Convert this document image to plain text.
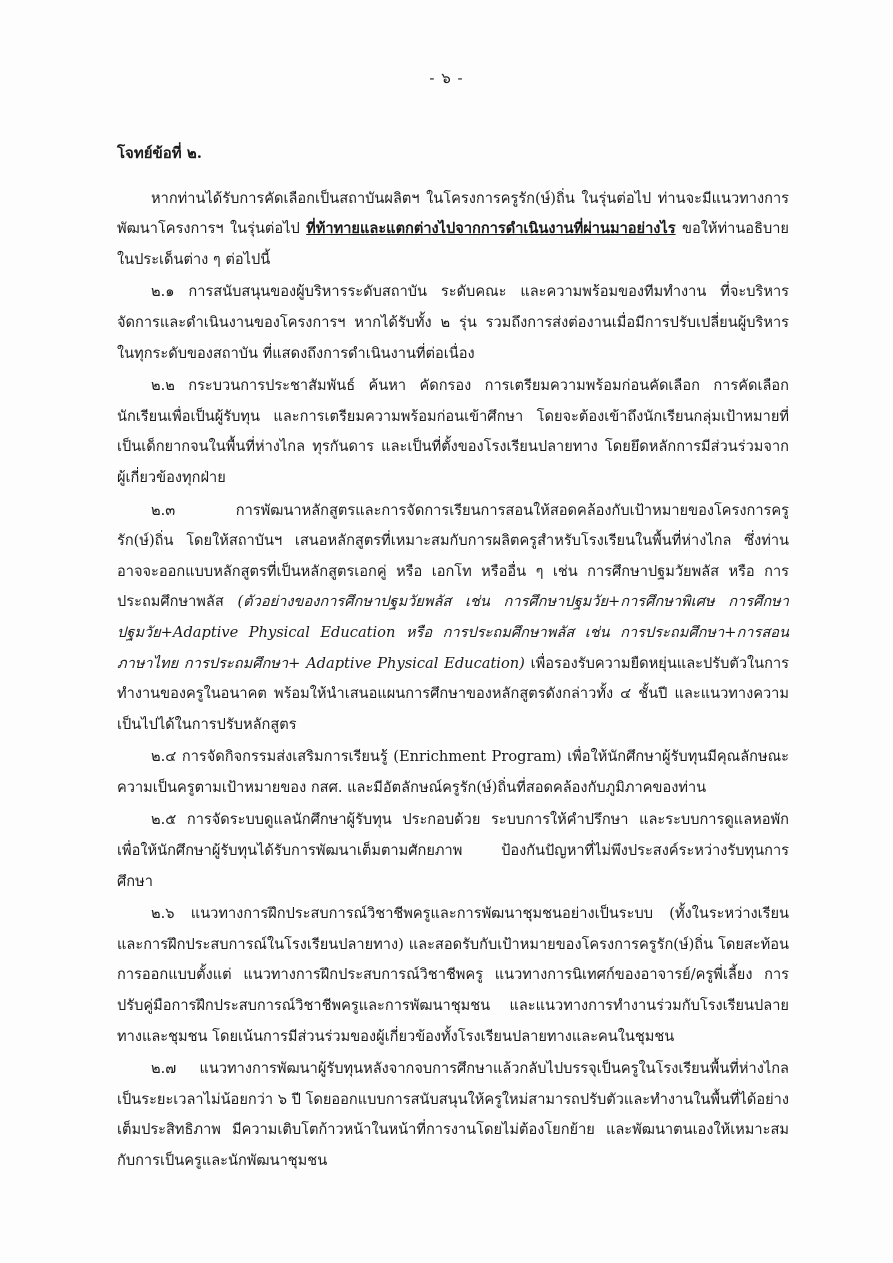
- ๖ -

โจทย์ข้อที่ ๒.

หากท่านได้รับการคัดเลือกเป็นสถาบันผลิตฯ ในโครงการครูรัก(ษ์)ถิ่น ในรุ่นต่อไป ท่านจะมีแนวทางการพัฒนาโครงการฯ ในรุ่นต่อไป ที่ท้าทายและแตกต่างไปจากการดำเนินงานที่ผ่านมาอย่างไร ขอให้ท่านอธิบายในประเด็นต่าง ๆ ต่อไปนี้

๒.๑ การสนับสนุนของผู้บริหารระดับสถาบัน ระดับคณะ และความพร้อมของทีมทำงาน ที่จะบริหารจัดการและดำเนินงานของโครงการฯ หากได้รับทั้ง ๒ รุ่น รวมถึงการส่งต่องานเมื่อมีการปรับเปลี่ยนผู้บริหารในทุกระดับของสถาบัน ที่แสดงถึงการดำเนินงานที่ต่อเนื่อง

๒.๒ กระบวนการประชาสัมพันธ์ ค้นหา คัดกรอง การเตรียมความพร้อมก่อนคัดเลือก การคัดเลือกนักเรียนเพื่อเป็นผู้รับทุน และการเตรียมความพร้อมก่อนเข้าศึกษา โดยจะต้องเข้าถึงนักเรียนกลุ่มเป้าหมายที่เป็นเด็กยากจนในพื้นที่ห่างไกล ทุรกันดาร และเป็นที่ตั้งของโรงเรียนปลายทาง โดยยึดหลักการมีส่วนร่วมจากผู้เกี่ยวข้องทุกฝ่าย

๒.๓ การพัฒนาหลักสูตรและการจัดการเรียนการสอนให้สอดคล้องกับเป้าหมายของโครงการครูรัก(ษ์)ถิ่น โดยให้สถาบันฯ เสนอหลักสูตรที่เหมาะสมกับการผลิตครูสำหรับโรงเรียนในพื้นที่ห่างไกล ซึ่งท่านอาจจะออกแบบหลักสูตรที่เป็นหลักสูตรเอกคู่ หรือ เอกโท หรืออื่น ๆ เช่น การศึกษาปฐมวัยพลัส หรือ การประถมศึกษาพลัส (ตัวอย่างของการศึกษาปฐมวัยพลัส เช่น การศึกษาปฐมวัย+การศึกษาพิเศษ การศึกษาปฐมวัย+Adaptive Physical Education หรือ การประถมศึกษาพลัส เช่น การประถมศึกษา+การสอนภาษาไทย การประถมศึกษา+ Adaptive Physical Education) เพื่อรองรับความยืดหยุ่นและปรับตัวในการทำงานของครูในอนาคต พร้อมให้นำเสนอแผนการศึกษาของหลักสูตรดังกล่าวทั้ง ๔ ชั้นปี และแนวทางความเป็นไปได้ในการปรับหลักสูตร

๒.๔ การจัดกิจกรรมส่งเสริมการเรียนรู้ (Enrichment Program) เพื่อให้นักศึกษาผู้รับทุนมีคุณลักษณะความเป็นครูตามเป้าหมายของ กสศ. และมีอัตลักษณ์ครูรัก(ษ์)ถิ่นที่สอดคล้องกับภูมิภาคของท่าน

๒.๕ การจัดระบบดูแลนักศึกษาผู้รับทุน ประกอบด้วย ระบบการให้คำปรึกษา และระบบการดูแลหอพัก เพื่อให้นักศึกษาผู้รับทุนได้รับการพัฒนาเต็มตามศักยภาพ ป้องกันปัญหาที่ไม่พึงประสงค์ระหว่างรับทุนการศึกษา

๒.๖ แนวทางการฝึกประสบการณ์วิชาชีพครูและการพัฒนาชุมชนอย่างเป็นระบบ (ทั้งในระหว่างเรียนและการฝึกประสบการณ์ในโรงเรียนปลายทาง) และสอดรับกับเป้าหมายของโครงการครูรัก(ษ์)ถิ่น โดยสะท้อนการออกแบบตั้งแต่ แนวทางการฝึกประสบการณ์วิชาชีพครู แนวทางการนิเทศก์ของอาจารย์/ครูพี่เลี้ยง การปรับคู่มือการฝึกประสบการณ์วิชาชีพครูและการพัฒนาชุมชน และแนวทางการทำงานร่วมกับโรงเรียนปลายทางและชุมชน โดยเน้นการมีส่วนร่วมของผู้เกี่ยวข้องทั้งโรงเรียนปลายทางและคนในชุมชน

๒.๗ แนวทางการพัฒนาผู้รับทุนหลังจากจบการศึกษาแล้วกลับไปบรรจุเป็นครูในโรงเรียนพื้นที่ห่างไกลเป็นระยะเวลาไม่น้อยกว่า ๖ ปี โดยออกแบบการสนับสนุนให้ครูใหม่สามารถปรับตัวและทำงานในพื้นที่ได้อย่างเต็มประสิทธิภาพ มีความเติบโตก้าวหน้าในหน้าที่การงานโดยไม่ต้องโยกย้าย และพัฒนาตนเองให้เหมาะสมกับการเป็นครูและนักพัฒนาชุมชน
